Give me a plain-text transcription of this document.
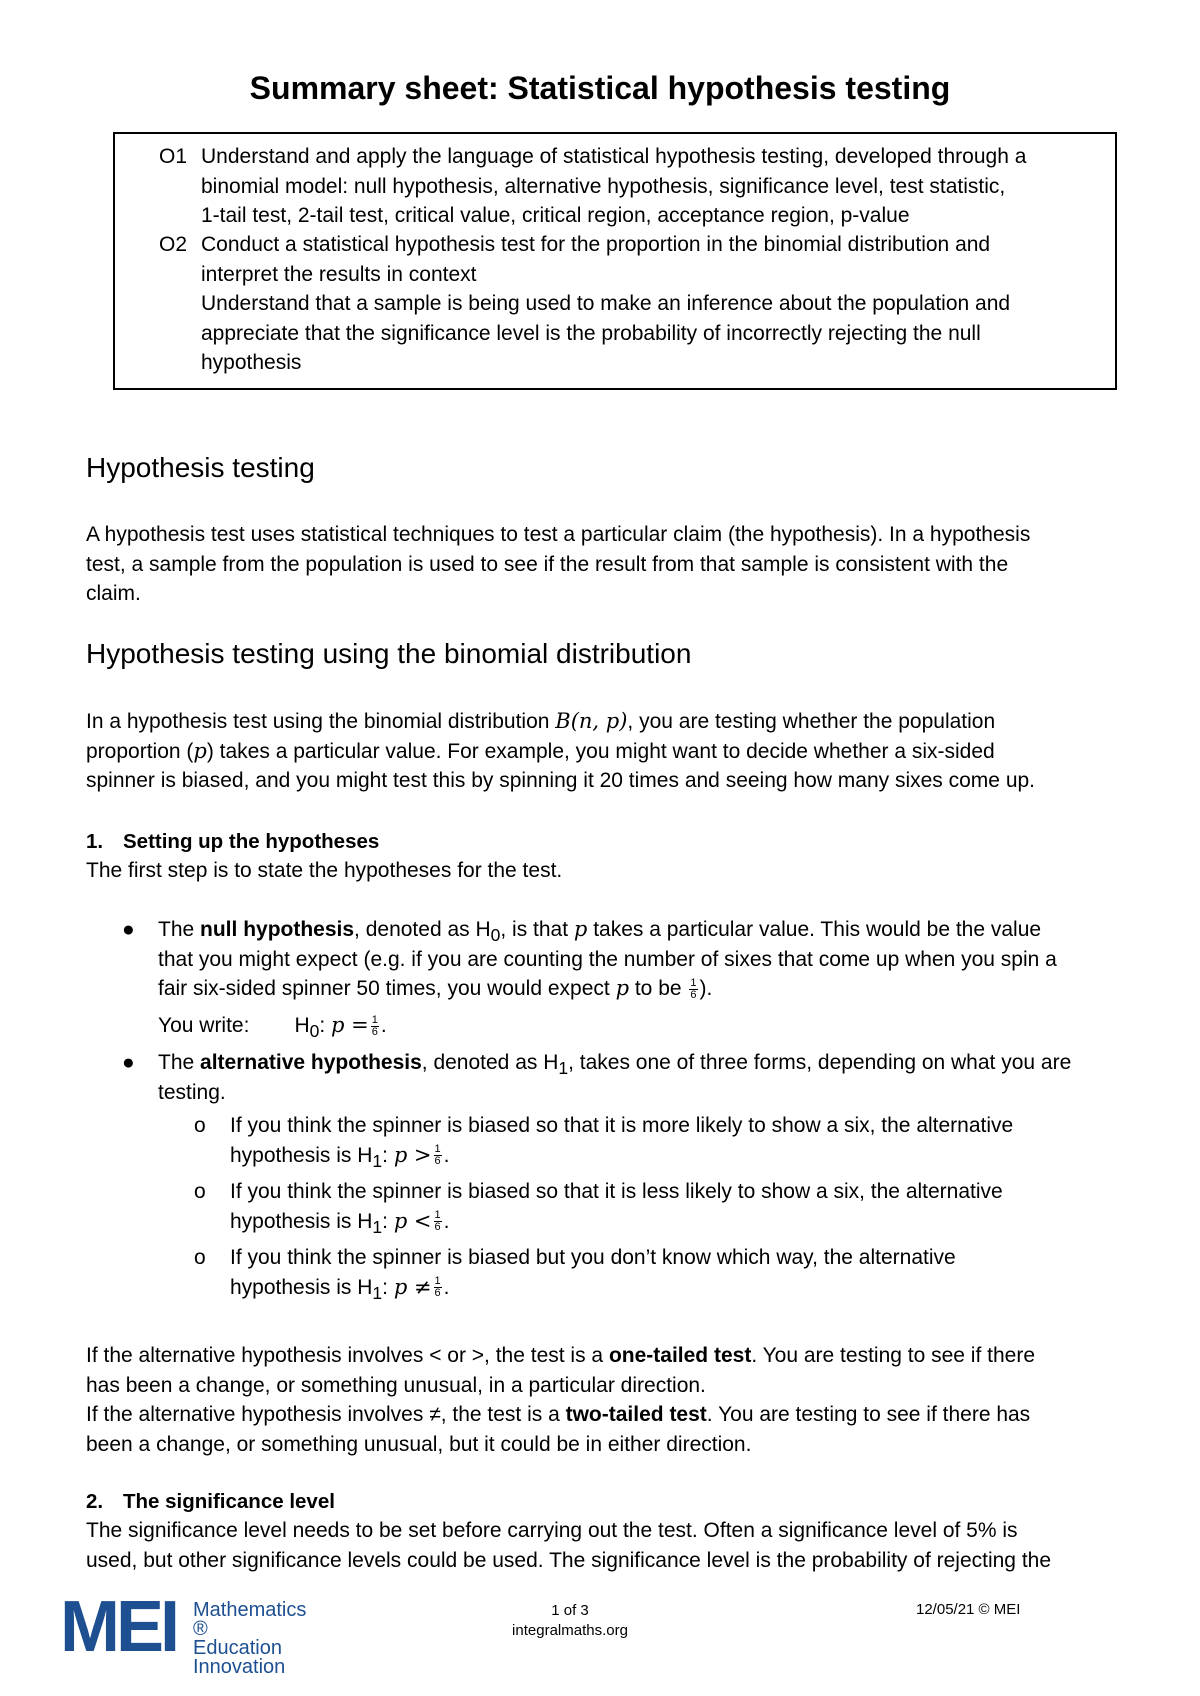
Summary sheet: Statistical hypothesis testing
O1 Understand and apply the language of statistical hypothesis testing, developed through a
binomial model: null hypothesis, alternative hypothesis, significance level, test statistic,
1-tail test, 2-tail test, critical value, critical region, acceptance region, p-value
O2 Conduct a statistical hypothesis test for the proportion in the binomial distribution and
interpret the results in context
Understand that a sample is being used to make an inference about the population and
appreciate that the significance level is the probability of incorrectly rejecting the null
hypothesis
Hypothesis testing
A hypothesis test uses statistical techniques to test a particular claim (the hypothesis). In a hypothesis
test, a sample from the population is used to see if the result from that sample is consistent with the
claim.
Hypothesis testing using the binomial distribution
In a hypothesis test using the binomial distribution B(n, p), you are testing whether the population
proportion (p) takes a particular value. For example, you might want to decide whether a six-sided
spinner is biased, and you might test this by spinning it 20 times and seeing how many sixes come up.
1. Setting up the hypotheses
The first step is to state the hypotheses for the test.
● The null hypothesis, denoted as $H_0$, is that p takes a particular value. This would be the value
that you might expect (e.g. if you are counting the number of sixes that come up when you spin a
fair six-sided spinner 50 times, you would expect p to be $\frac{1}{6}$ ).
You write: $H_0$: $p = \frac{1}{6}$ .
● The alternative hypothesis, denoted as $H_1$, takes one of three forms, depending on what you are
testing.
o If you think the spinner is biased so that it is more likely to show a six, the alternative
hypothesis is $H_1$: $p > \frac{1}{6}$ .
o If you think the spinner is biased so that it is less likely to show a six, the alternative
hypothesis is $H_1$: $p < \frac{1}{6}$ .
o If you think the spinner is biased but you don’t know which way, the alternative
hypothesis is $H_1$: $p \ne \frac{1}{6}$ .
If the alternative hypothesis involves < or >, the test is a one-tailed test. You are testing to see if there
has been a change, or something unusual, in a particular direction.
If the alternative hypothesis involves ≠, the test is a two-tailed test. You are testing to see if there has
been a change, or something unusual, but it could be in either direction.
2. The significance level
The significance level needs to be set before carrying out the test. Often a significance level of 5% is
used, but other significance levels could be used. The significance level is the probability of rejecting the
MEI Mathematics ®
Education
Innovation
1 of 3
integralmaths.org
12/05/21 © MEI
